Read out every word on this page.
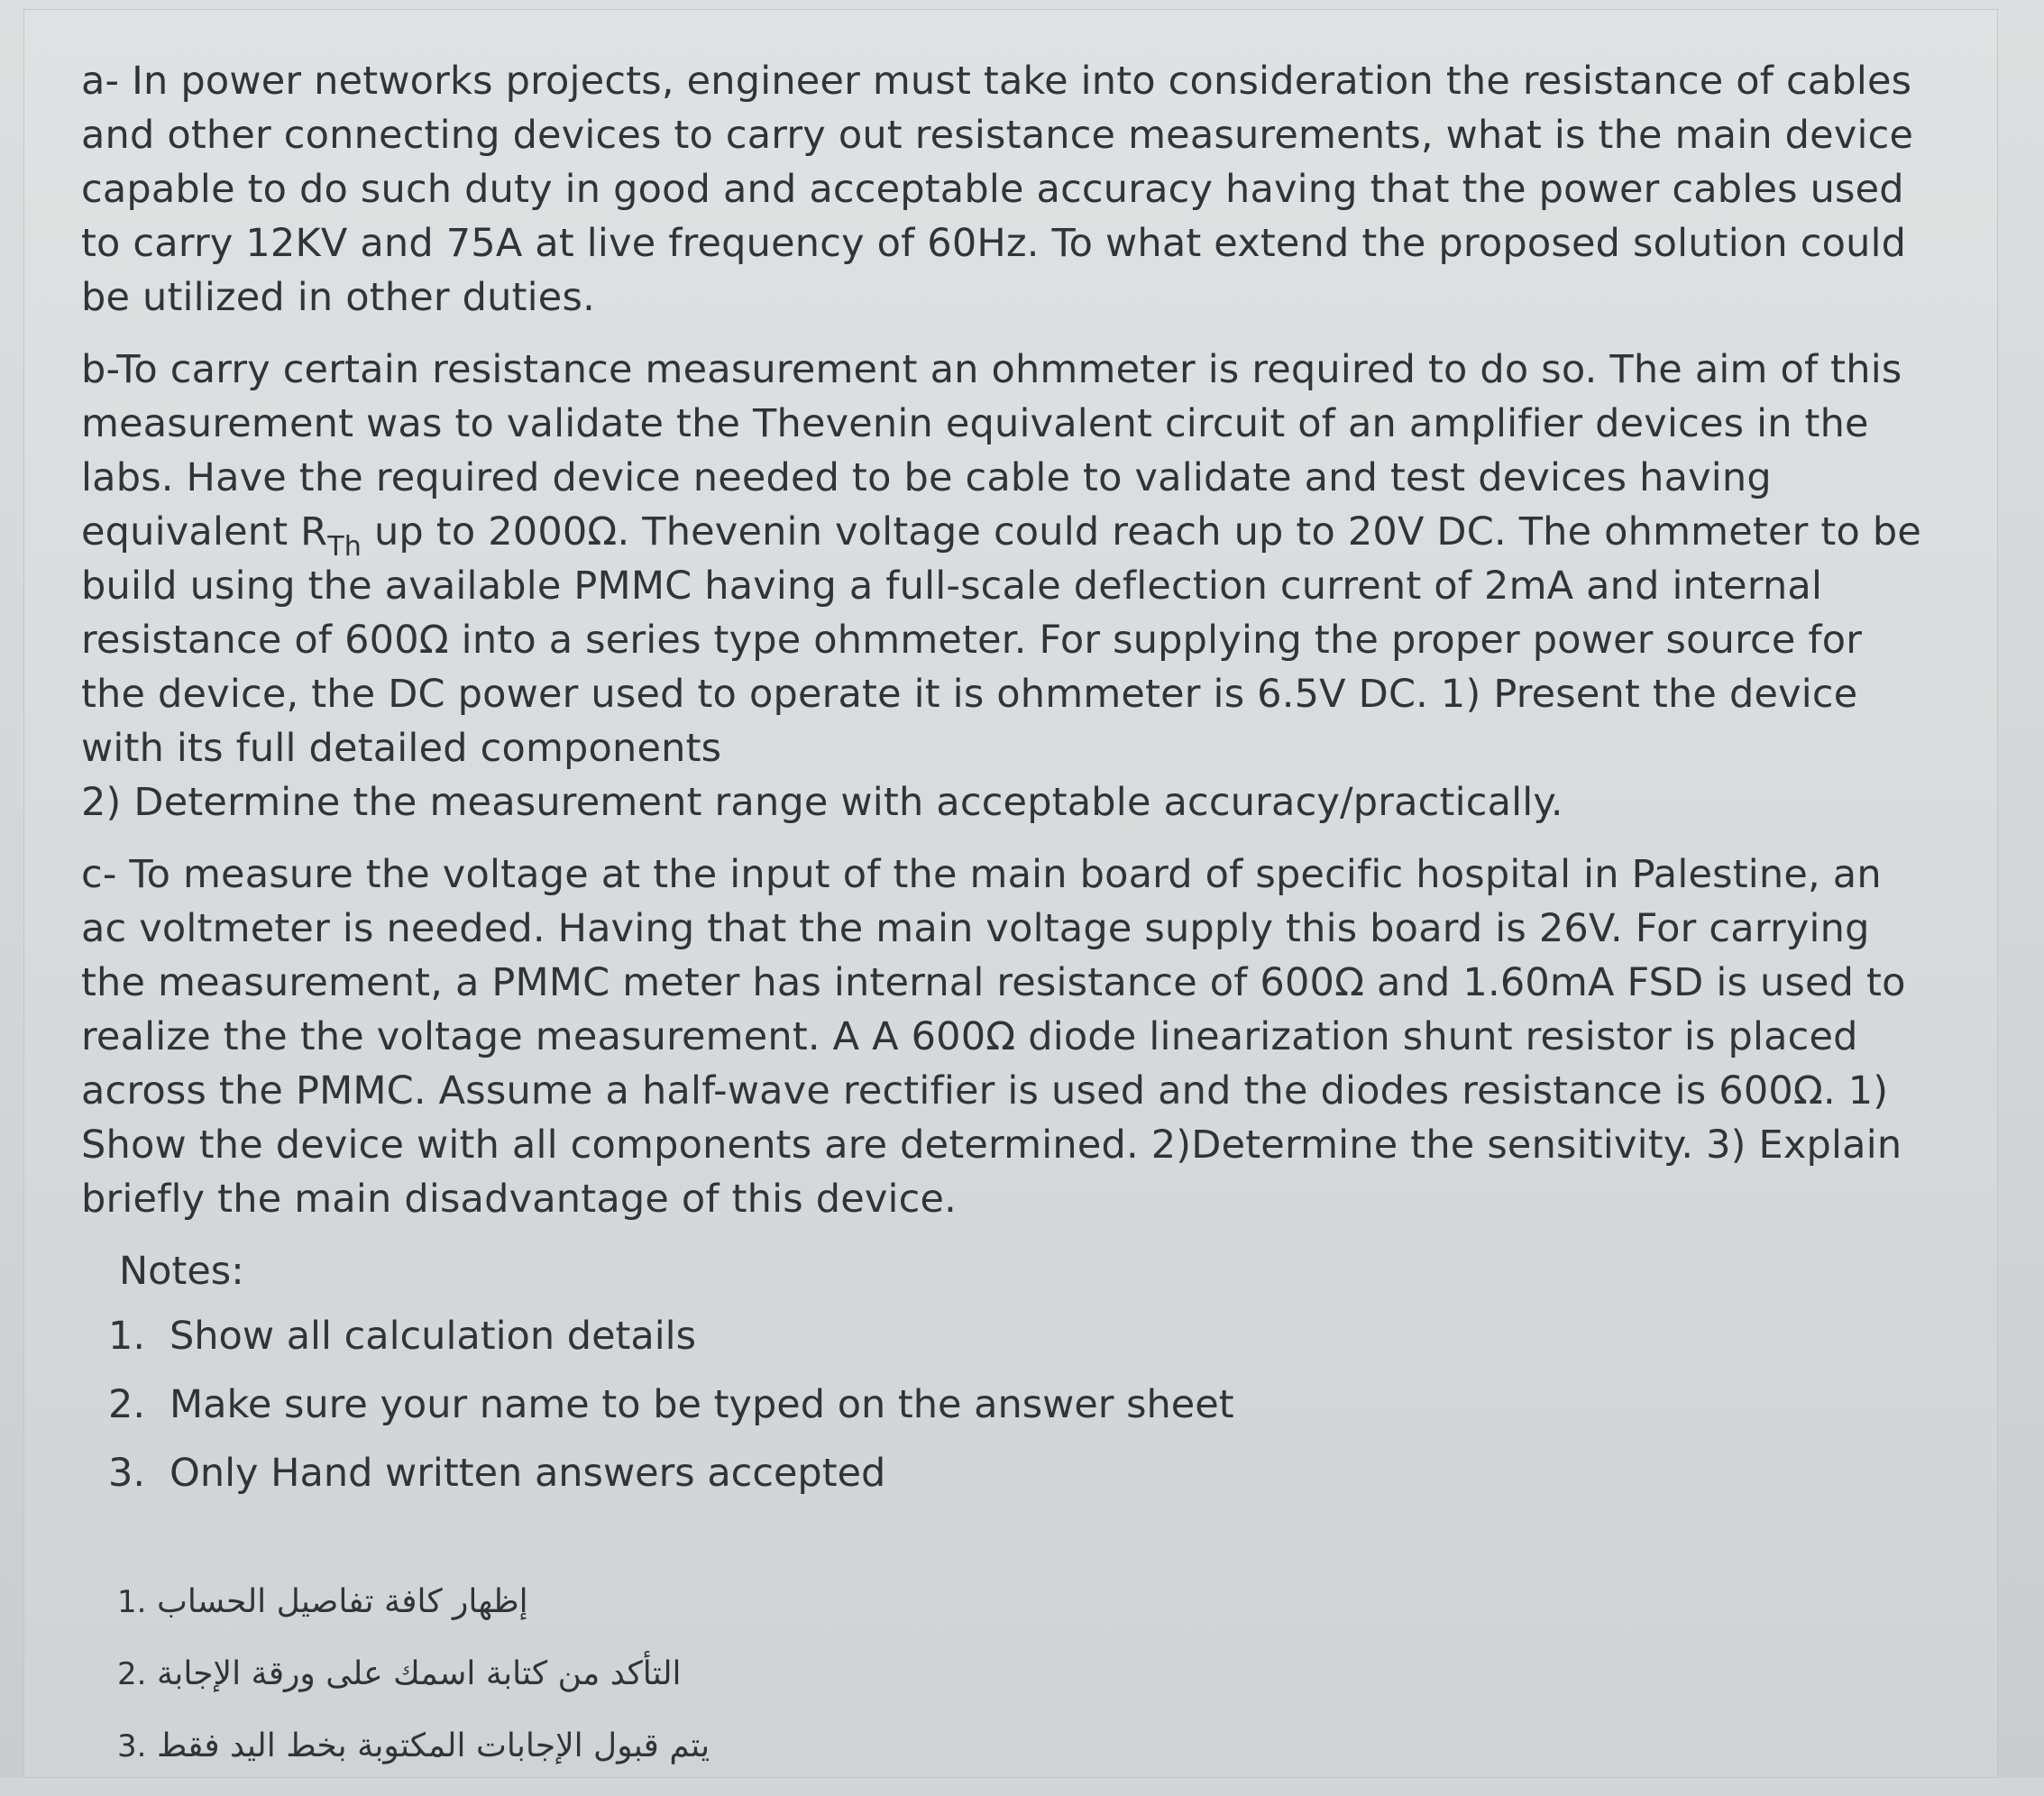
a- In power networks projects, engineer must take into consideration the resistance of cables and other connecting devices to carry out resistance measurements, what is the main device capable to do such duty in good and acceptable accuracy having that the power cables used to carry 12KV and 75A at live frequency of 60Hz. To what extend the proposed solution could be utilized in other duties.

b-To carry certain resistance measurement an ohmmeter is required to do so. The aim of this measurement was to validate the Thevenin equivalent circuit of an amplifier devices in the labs. Have the required device needed to be cable to validate and test devices having equivalent $R_{Th}$ up to 2000Ω. Thevenin voltage could reach up to 20V DC. The ohmmeter to be build using the available PMMC having a full-scale deflection current of 2mA and internal resistance of 600Ω into a series type ohmmeter. For supplying the proper power source for the device, the DC power used to operate it is ohmmeter is 6.5V DC. 1) Present the device with its full detailed components

2) Determine the measurement range with acceptable accuracy/practically.

c- To measure the voltage at the input of the main board of specific hospital in Palestine, an ac voltmeter is needed. Having that the main voltage supply this board is 26V. For carrying the measurement, a PMMC meter has internal resistance of 600Ω and 1.60mA FSD is used to realize the the voltage measurement. A A 600Ω diode linearization shunt resistor is placed across the PMMC. Assume a half-wave rectifier is used and the diodes resistance is 600Ω. 1) Show the device with all components are determined. 2)Determine the sensitivity. 3) Explain briefly the main disadvantage of this device.

Notes:
1. Show all calculation details
2. Make sure your name to be typed on the answer sheet
3. Only Hand written answers accepted
1. إظهار كافة تفاصيل الحساب
2. التأكد من كتابة اسمك على ورقة الإجابة
3. يتم قبول الإجابات المكتوبة بخط اليد فقط
